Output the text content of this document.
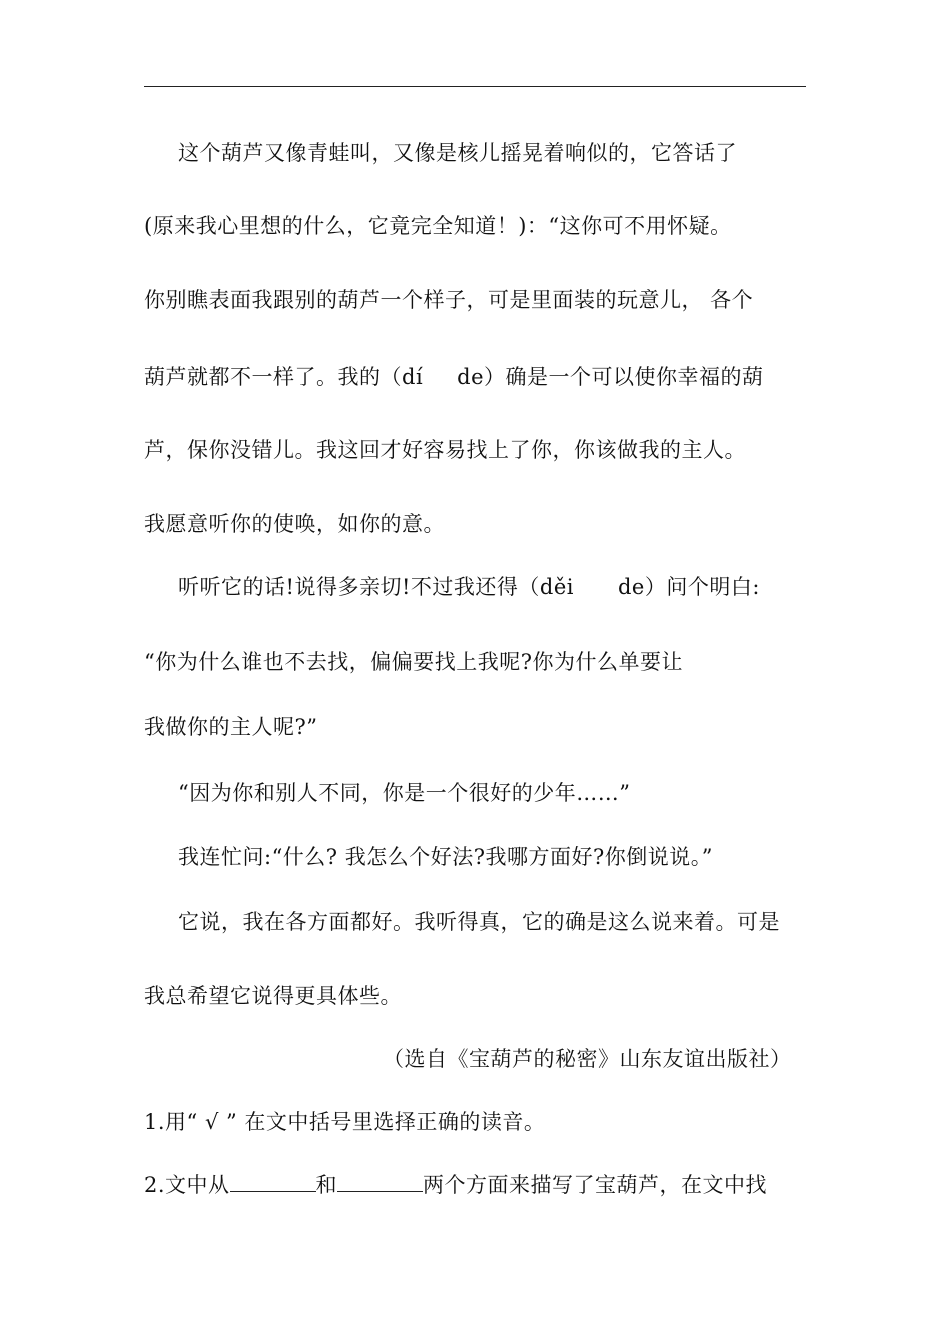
这个葫芦又像青蛙叫，又像是核儿摇晃着响似的，它答话了
(原来我心里想的什么，它竟完全知道！)：“这你可不用怀疑。
你别瞧表面我跟别的葫芦一个样子，可是里面装的玩意儿， 各个
葫芦就都不一样了。我的（dí de）确是一个可以使你幸福的葫
芦，保你没错儿。我这回才好容易找上了你，你该做我的主人。
我愿意听你的使唤，如你的意。
听听它的话!说得多亲切!不过我还得（děi de）问个明白:
“你为什么谁也不去找，偏偏要找上我呢?你为什么单要让
我做你的主人呢?”
“因为你和别人不同，你是一个很好的少年……”
我连忙问:“什么? 我怎么个好法?我哪方面好?你倒说说。”
它说，我在各方面都好。我听得真，它的确是这么说来着。可是
我总希望它说得更具体些。
（选自《宝葫芦的秘密》山东友谊出版社）
1.用“ √ ” 在文中括号里选择正确的读音。
2.文中从	和	两个方面来描写了宝葫芦，在文中找
